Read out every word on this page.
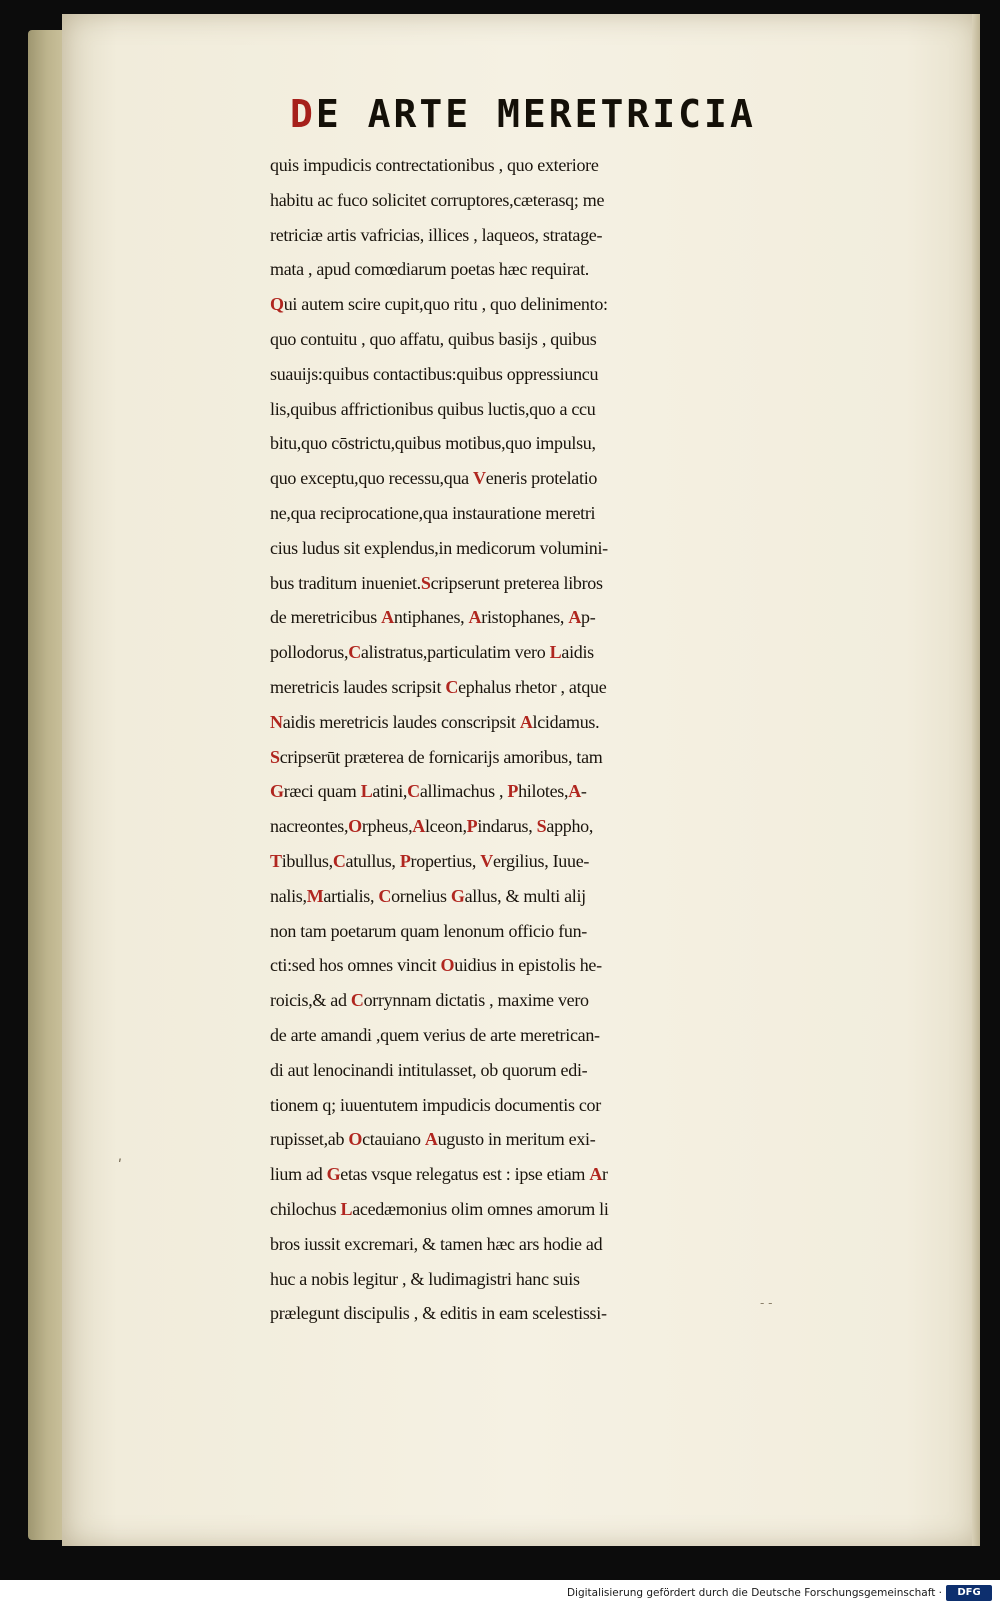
DE ARTE MERETRICIA
quis impudicis contrectationibus , quo exteriore
habitu ac fuco solicitet corruptores,cæterasq; me
retriciæ artis vafricias, illices , laqueos, stratage-
mata , apud comœdiarum poetas hæc requirat.
Qui autem scire cupit,quo ritu , quo delinimento:
quo contuitu , quo affatu, quibus basijs , quibus
suauijs:quibus contactibus:quibus oppressiuncu
lis,quibus affrictionibus quibus luctis,quo a ccu
bitu,quo cōstrictu,quibus motibus,quo impulsu,
quo exceptu,quo recessu,qua Veneris protelatio
ne,qua reciprocatione,qua instauratione meretri
cius ludus sit explendus,in medicorum volumini-
bus traditum inueniet.Scripserunt preterea libros
de meretricibus Antiphanes, Aristophanes, Ap-
pollodorus,Calistratus,particulatim vero Laidis
meretricis laudes scripsit Cephalus rhetor , atque
Naidis meretricis laudes conscripsit Alcidamus.
Scripserūt præterea de fornicarijs amoribus, tam
Græci quam Latini,Callimachus , Philotes,A-
nacreontes,Orpheus,Alceon,Pindarus, Sappho,
Tibullus,Catullus, Propertius, Vergilius, Iuue-
nalis,Martialis, Cornelius Gallus, & multi alij
non tam poetarum quam lenonum officio fun-
cti:sed hos omnes vincit Ouidius in epistolis he-
roicis,& ad Corrynnam dictatis , maxime vero
de arte amandi ,quem verius de arte meretrican-
di aut lenocinandi intitulasset, ob quorum edi-
tionem q; iuuentutem impudicis documentis cor
rupisset,ab Octauiano Augusto in meritum exi-
lium ad Getas vsque relegatus est : ipse etiam Ar
chilochus Lacedæmonius olim omnes amorum li
bros iussit excremari, & tamen hæc ars hodie ad
huc a nobis legitur , & ludimagistri hanc suis
prælegunt discipulis , & editis in eam scelestissi-
ʹ
- -
Digitalisierung gefördert durch die Deutsche Forschungsgemeinschaft ·	DFG
